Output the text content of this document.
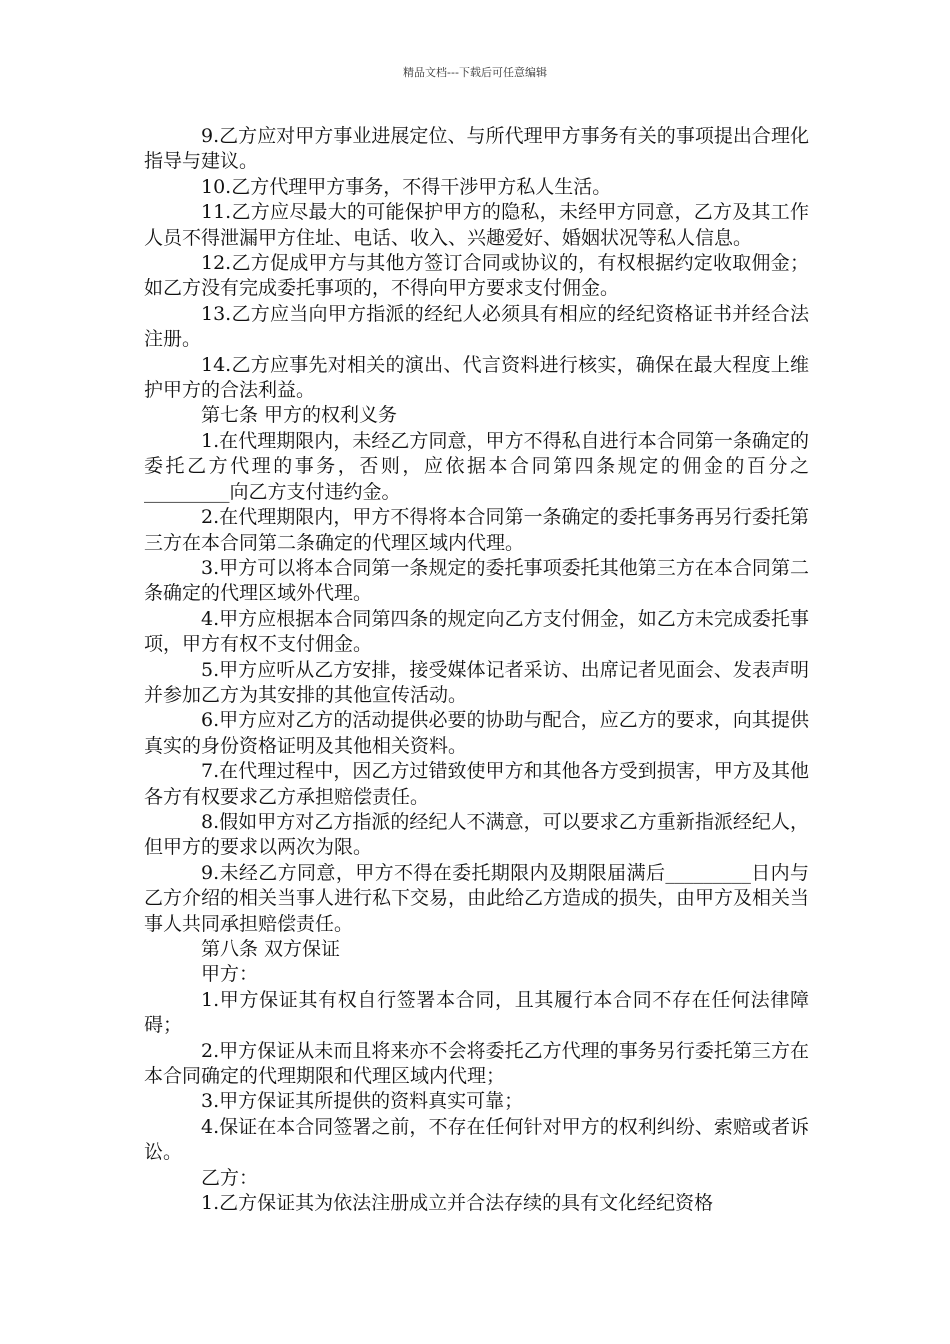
精品文档---下载后可任意编辑

9.乙方应对甲方事业进展定位、与所代理甲方事务有关的事项提出合理化指导与建议。

10.乙方代理甲方事务，不得干涉甲方私人生活。

11.乙方应尽最大的可能保护甲方的隐私，未经甲方同意，乙方及其工作人员不得泄漏甲方住址、电话、收入、兴趣爱好、婚姻状况等私人信息。

12.乙方促成甲方与其他方签订合同或协议的，有权根据约定收取佣金；如乙方没有完成委托事项的，不得向甲方要求支付佣金。

13.乙方应当向甲方指派的经纪人必须具有相应的经纪资格证书并经合法注册。

14.乙方应事先对相关的演出、代言资料进行核实，确保在最大程度上维护甲方的合法利益。

第七条 甲方的权利义务

1.在代理期限内，未经乙方同意，甲方不得私自进行本合同第一条确定的委托乙方代理的事务，否则，应依据本合同第四条规定的佣金的百分之_________向乙方支付违约金。

2.在代理期限内，甲方不得将本合同第一条确定的委托事务再另行委托第三方在本合同第二条确定的代理区域内代理。

3.甲方可以将本合同第一条规定的委托事项委托其他第三方在本合同第二条确定的代理区域外代理。

4.甲方应根据本合同第四条的规定向乙方支付佣金，如乙方未完成委托事项，甲方有权不支付佣金。

5.甲方应听从乙方安排，接受媒体记者采访、出席记者见面会、发表声明并参加乙方为其安排的其他宣传活动。

6.甲方应对乙方的活动提供必要的协助与配合，应乙方的要求，向其提供真实的身份资格证明及其他相关资料。

7.在代理过程中，因乙方过错致使甲方和其他各方受到损害，甲方及其他各方有权要求乙方承担赔偿责任。

8.假如甲方对乙方指派的经纪人不满意，可以要求乙方重新指派经纪人，但甲方的要求以两次为限。

9.未经乙方同意，甲方不得在委托期限内及期限届满后_________日内与乙方介绍的相关当事人进行私下交易，由此给乙方造成的损失，由甲方及相关当事人共同承担赔偿责任。

第八条 双方保证

甲方：

1.甲方保证其有权自行签署本合同，且其履行本合同不存在任何法律障碍；

2.甲方保证从未而且将来亦不会将委托乙方代理的事务另行委托第三方在本合同确定的代理期限和代理区域内代理；

3.甲方保证其所提供的资料真实可靠；

4.保证在本合同签署之前，不存在任何针对甲方的权利纠纷、索赔或者诉讼。

乙方：

1.乙方保证其为依法注册成立并合法存续的具有文化经纪资格
